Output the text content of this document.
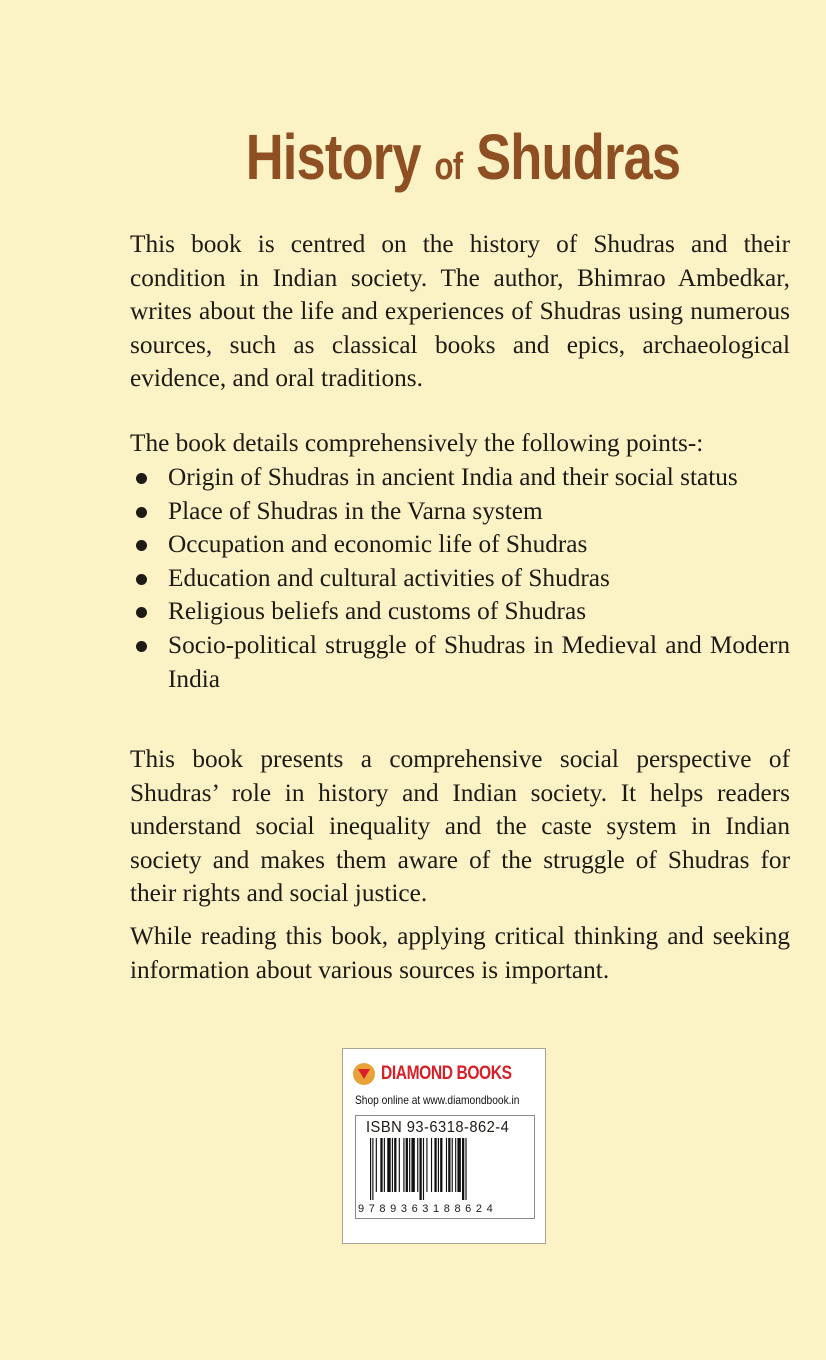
History of Shudras
This book is centred on the history of Shudras and their condition in Indian society. The author, Bhimrao Ambedkar, writes about the life and experiences of Shudras using numerous sources, such as classical books and epics, archaeological evidence, and oral traditions.
The book details comprehensively the following points-:
Origin of Shudras in ancient India and their social status
Place of Shudras in the Varna system
Occupation and economic life of Shudras
Education and cultural activities of Shudras
Religious beliefs and customs of Shudras
Socio-political struggle of Shudras in Medieval and Modern India
This book presents a comprehensive social perspective of Shudras’ role in history and Indian society. It helps readers understand social inequality and the caste system in Indian society and makes them aware of the struggle of Shudras for their rights and social justice.
While reading this book, applying critical thinking and seeking information about various sources is important.
DIAMOND BOOKS
Shop online at www.diamondbook.in
ISBN 93-6318-862-4
9789363188624
